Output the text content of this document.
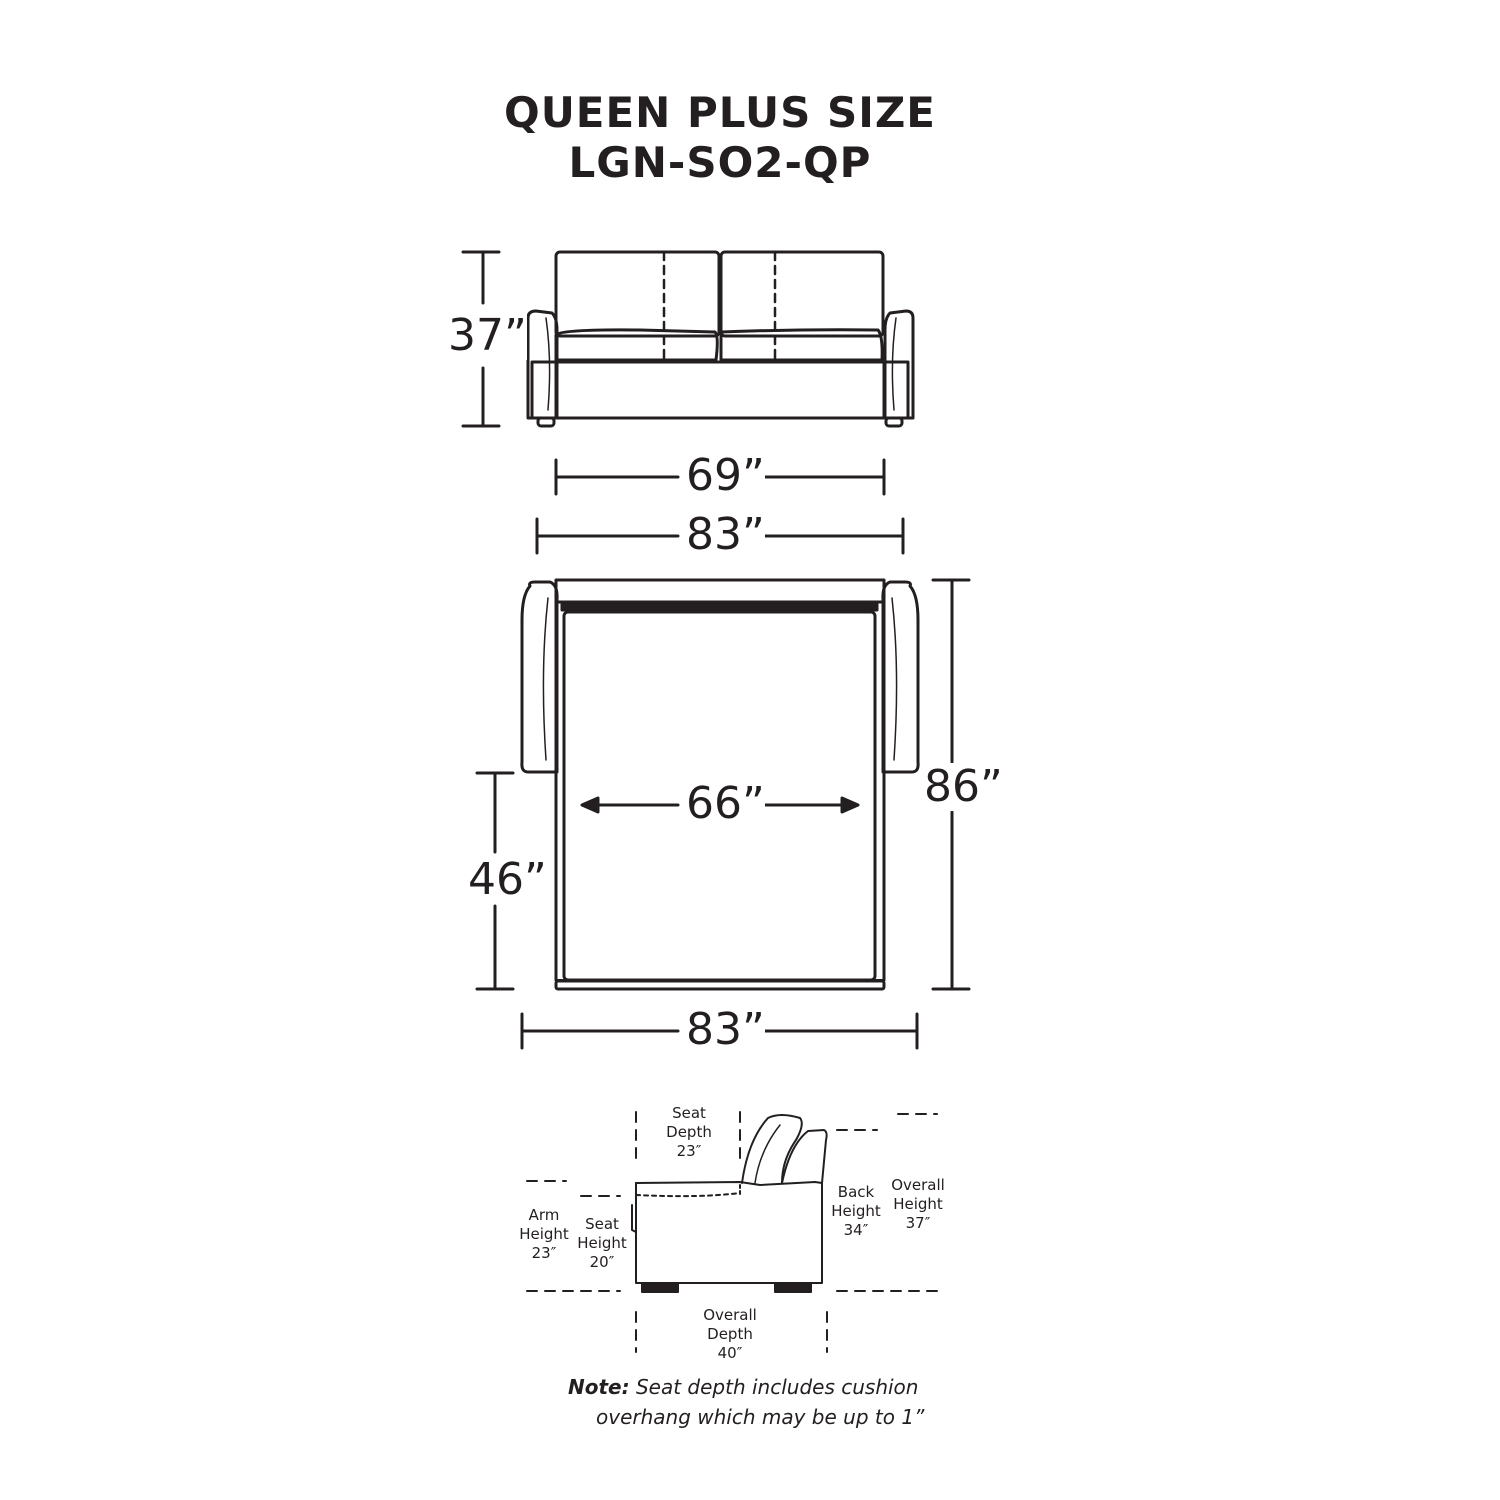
QUEEN PLUS SIZE
LGN-SO2-QP
37”
69”
83”
66”	86”
46”
83”
Seat
Depth
23″
Arm
Height
23″
Seat
Height
20″
Back
Height
34″
Overall
Height
37″
Overall
Depth
40″
Note: Seat depth includes cushion
overhang which may be up to 1”
